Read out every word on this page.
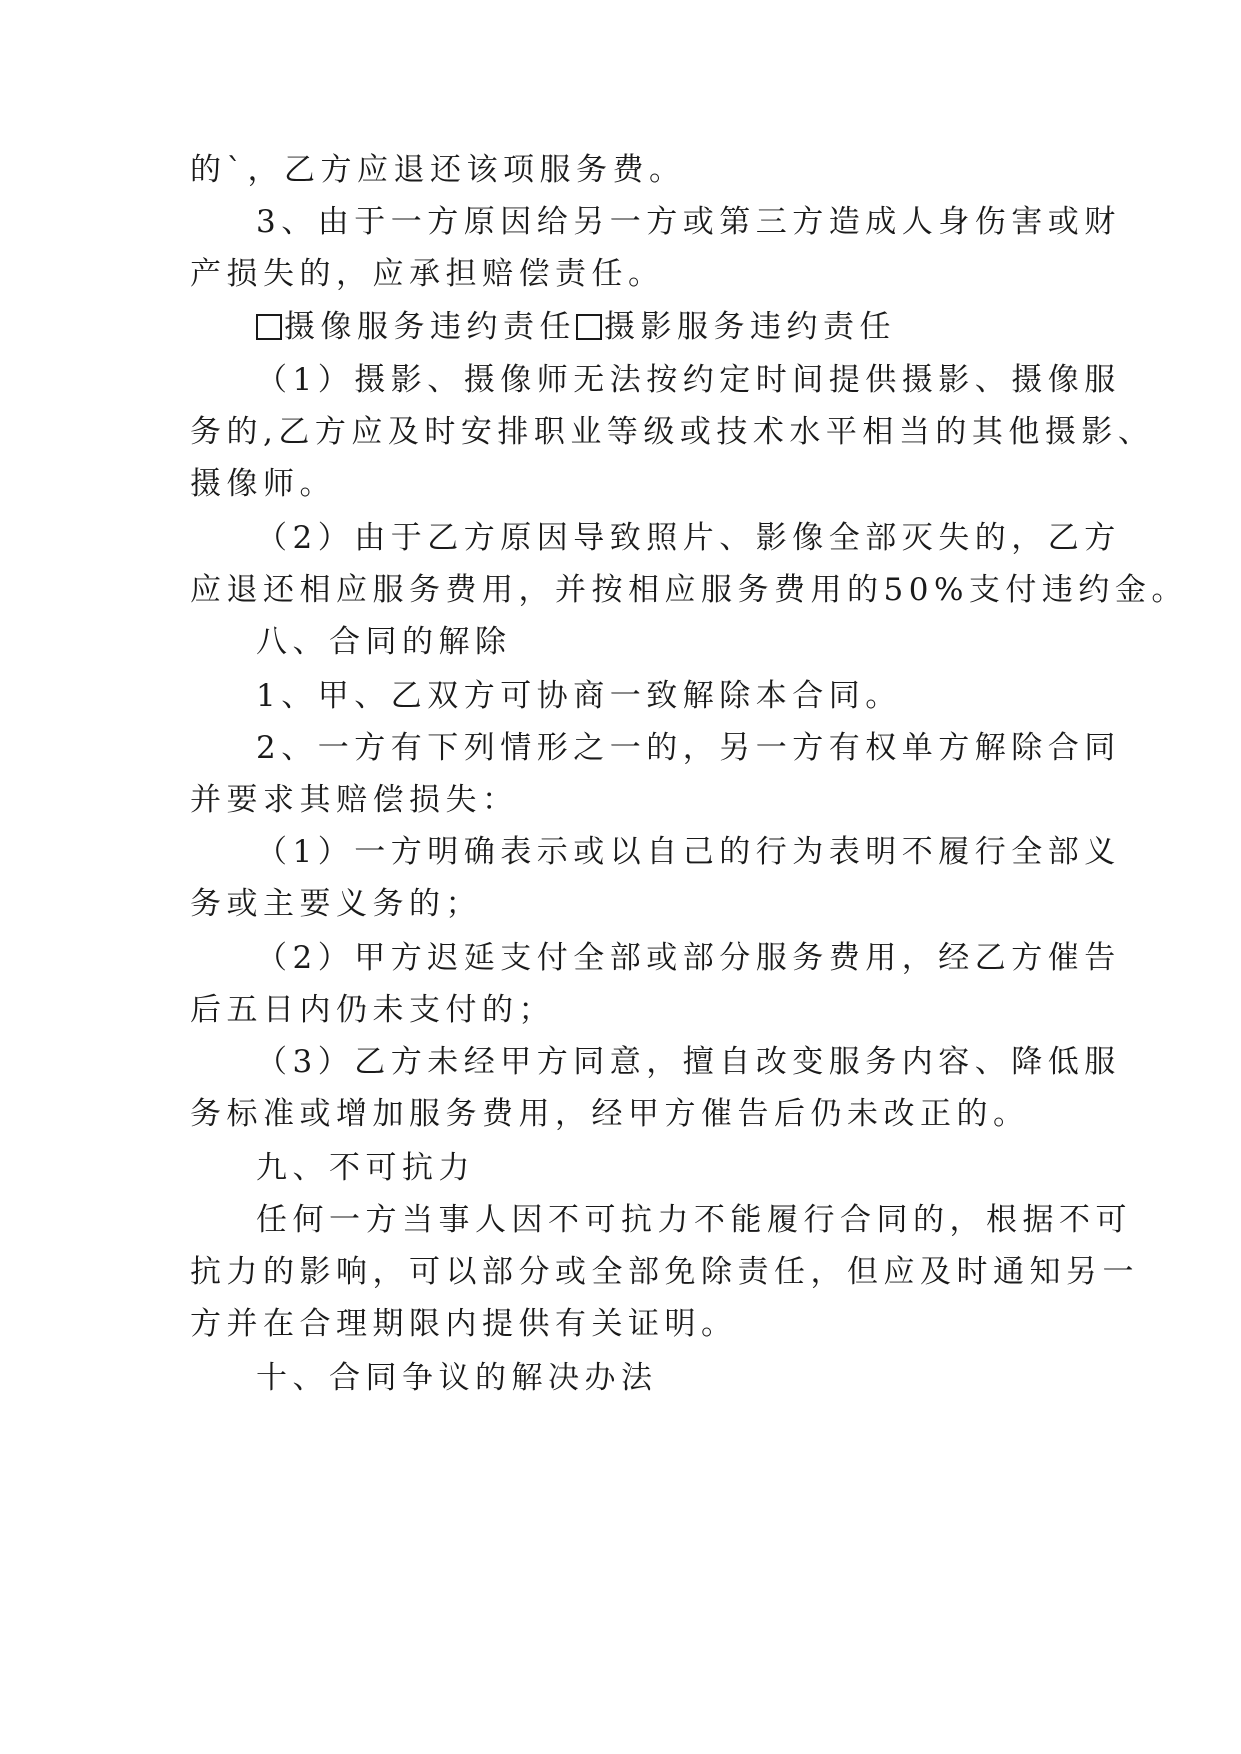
的`，乙方应退还该项服务费。
3、由于一方原因给另一方或第三方造成人身伤害或财
产损失的，应承担赔偿责任。
摄像服务违约责任 摄影服务违约责任
（1）摄影、摄像师无法按约定时间提供摄影、摄像服
务的,乙方应及时安排职业等级或技术水平相当的其他摄影、
摄像师。
（2）由于乙方原因导致照片、影像全部灭失的，乙方
应退还相应服务费用，并按相应服务费用的50%支付违约金。
八、合同的解除
1、甲、乙双方可协商一致解除本合同。
2、一方有下列情形之一的，另一方有权单方解除合同
并要求其赔偿损失：
（1）一方明确表示或以自己的行为表明不履行全部义
务或主要义务的；
（2）甲方迟延支付全部或部分服务费用，经乙方催告
后五日内仍未支付的；
（3）乙方未经甲方同意，擅自改变服务内容、降低服
务标准或增加服务费用，经甲方催告后仍未改正的。
九、不可抗力
任何一方当事人因不可抗力不能履行合同的，根据不可
抗力的影响，可以部分或全部免除责任，但应及时通知另一
方并在合理期限内提供有关证明。
十、合同争议的解决办法
